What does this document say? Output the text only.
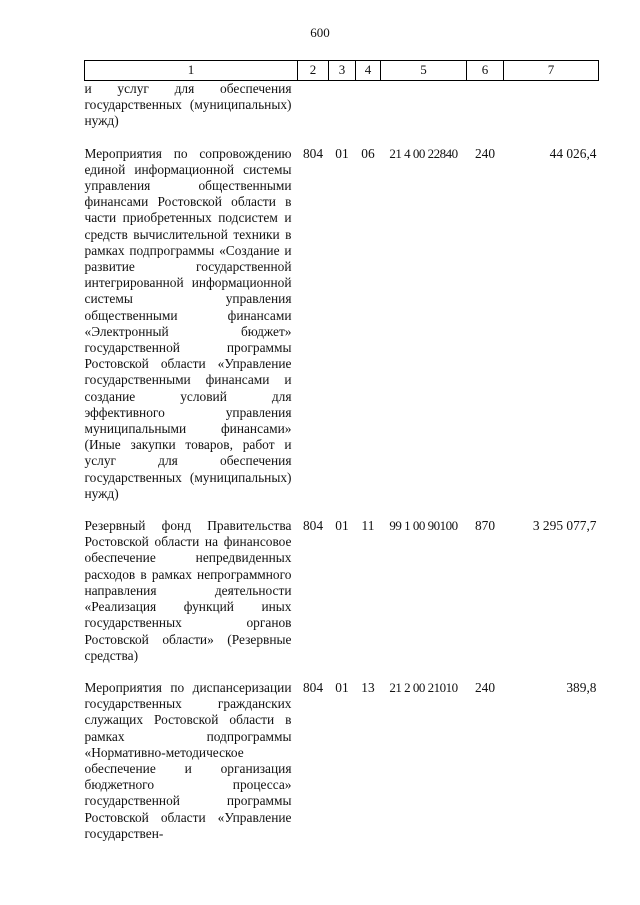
600
1	2	3	4	5	6	7
и услуг для обеспечения государственных (муниципальных) нужд)						

Мероприятия по сопровождению единой информационной системы управления общественными финансами Ростовской области в части приобретенных подсистем и средств вычислительной техники в рамках подпрограммы «Создание и развитие государственной интегрированной информационной системы управления общественными финансами «Электронный бюджет» государственной программы Ростовской области «Управление государственными финансами и создание условий для эффективного управления муниципальными финансами» (Иные закупки товаров, работ и услуг для обеспечения государственных (муниципальных) нужд)	804	01	06	21 4 00 22840	240	44 026,4

Резервный фонд Правительства Ростовской области на финансовое обеспечение непредвиденных расходов в рамках непрограммного направления деятельности «Реализация функций иных государственных органов Ростовской области» (Резервные средства)	804	01	11	99 1 00 90100	870	3 295 077,7

Мероприятия по диспансеризации государственных гражданских служащих Ростовской области в рамках подпрограммы «Нормативно-методическое обеспечение и организация бюджетного процесса» государственной программы Ростовской области «Управление государствен-	804	01	13	21 2 00 21010	240	389,8
